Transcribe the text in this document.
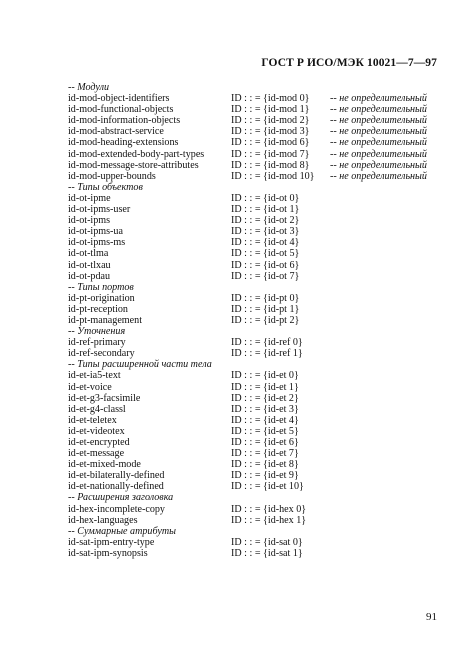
ГОСТ Р ИСО/МЭК 10021—7—97
-- Модули
id-mod-object-identifiers	ID : : = {id-mod 0} -- не определительный
id-mod-functional-objects	ID : : = {id-mod 1} -- не определительный
id-mod-information-objects	ID : : = {id-mod 2} -- не определительный
id-mod-abstract-service	ID : : = {id-mod 3} -- не определительный
id-mod-heading-extensions	ID : : = {id-mod 6} -- не определительный
id-mod-extended-body-part-types	ID : : = {id-mod 7} -- не определительный
id-mod-message-store-attributes	ID : : = {id-mod 8} -- не определительный
id-mod-upper-bounds	ID : : = {id-mod 10} -- не определительный
-- Типы объектов
id-ot-ipme	ID : : = {id-ot 0}
id-ot-ipms-user	ID : : = {id-ot 1}
id-ot-ipms	ID : : = {id-ot 2}
id-ot-ipms-ua	ID : : = {id-ot 3}
id-ot-ipms-ms	ID : : = {id-ot 4}
id-ot-tlma	ID : : = {id-ot 5}
id-ot-tlxau	ID : : = {id-ot 6}
id-ot-pdau	ID : : = {id-ot 7}
-- Типы портов
id-pt-origination	ID : : = {id-pt 0}
id-pt-reception	ID : : = {id-pt 1}
id-pt-management	ID : : = {id-pt 2}
-- Уточнения
id-ref-primary	ID : : = {id-ref 0}
id-ref-secondary	ID : : = {id-ref 1}
-- Типы расширенной части тела
id-et-ia5-text	ID : : = {id-et 0}
id-et-voice	ID : : = {id-et 1}
id-et-g3-facsimile	ID : : = {id-et 2}
id-et-g4-classl	ID : : = {id-et 3}
id-et-teletex	ID : : = {id-et 4}
id-et-videotex	ID : : = {id-et 5}
id-et-encrypted	ID : : = {id-et 6}
id-et-message	ID : : = {id-et 7}
id-et-mixed-mode	ID : : = {id-et 8}
id-et-bilaterally-defined	ID : : = {id-et 9}
id-et-nationally-defined	ID : : = {id-et 10}
-- Расширения заголовка
id-hex-incomplete-copy	ID : : = {id-hex 0}
id-hex-languages	ID : : = {id-hex 1}
-- Суммарные атрибуты
id-sat-ipm-entry-type	ID : : = {id-sat 0}
id-sat-ipm-synopsis	ID : : = {id-sat 1}
91
